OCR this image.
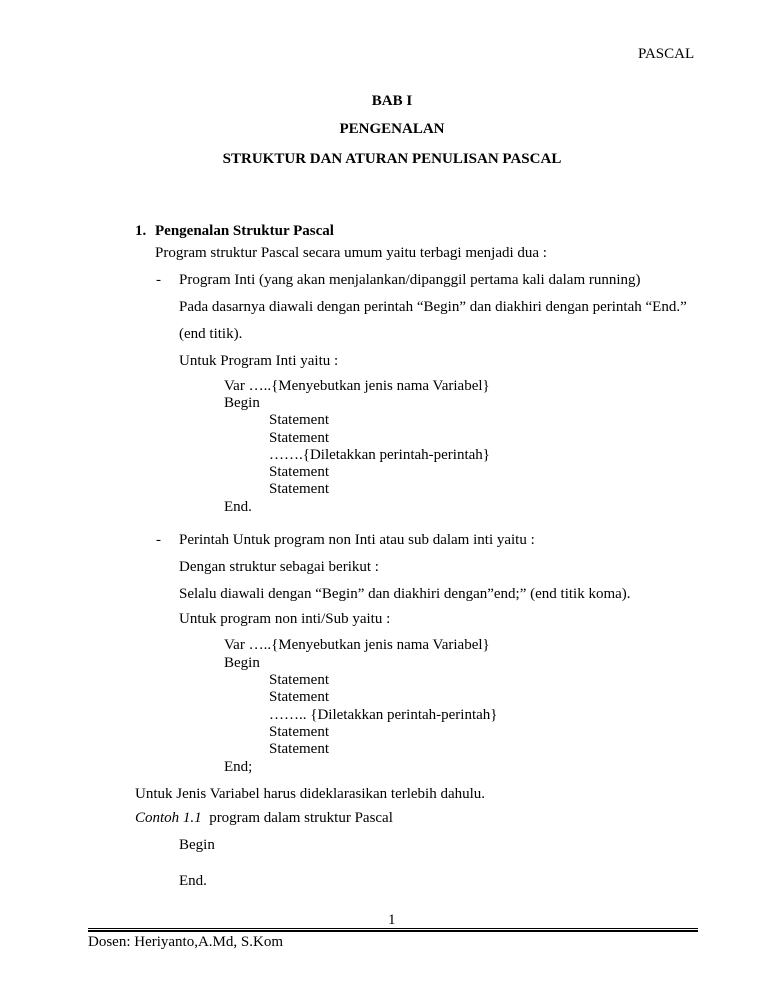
PASCAL
BAB I
PENGENALAN
STRUKTUR DAN ATURAN PENULISAN PASCAL
1. Pengenalan Struktur Pascal
Program struktur Pascal secara umum yaitu terbagi menjadi dua :
- Program Inti (yang akan menjalankan/dipanggil pertama kali dalam running)
Pada dasarnya diawali dengan perintah “Begin” dan diakhiri dengan perintah “End.”
(end titik).
Untuk Program Inti yaitu :
Var …..{Menyebutkan jenis nama Variabel}
Begin
Statement
Statement
…….{Diletakkan perintah-perintah}
Statement
Statement
End.
- Perintah Untuk program non Inti atau sub dalam inti yaitu :
Dengan struktur sebagai berikut :
Selalu diawali dengan “Begin” dan diakhiri dengan”end;” (end titik koma).
Untuk program non inti/Sub yaitu :
Var …..{Menyebutkan jenis nama Variabel}
Begin
Statement
Statement
…….. {Diletakkan perintah-perintah}
Statement
Statement
End;
Untuk Jenis Variabel harus dideklarasikan terlebih dahulu.
Contoh 1.1  program dalam struktur Pascal
Begin
End.
1
Dosen: Heriyanto,A.Md, S.Kom
